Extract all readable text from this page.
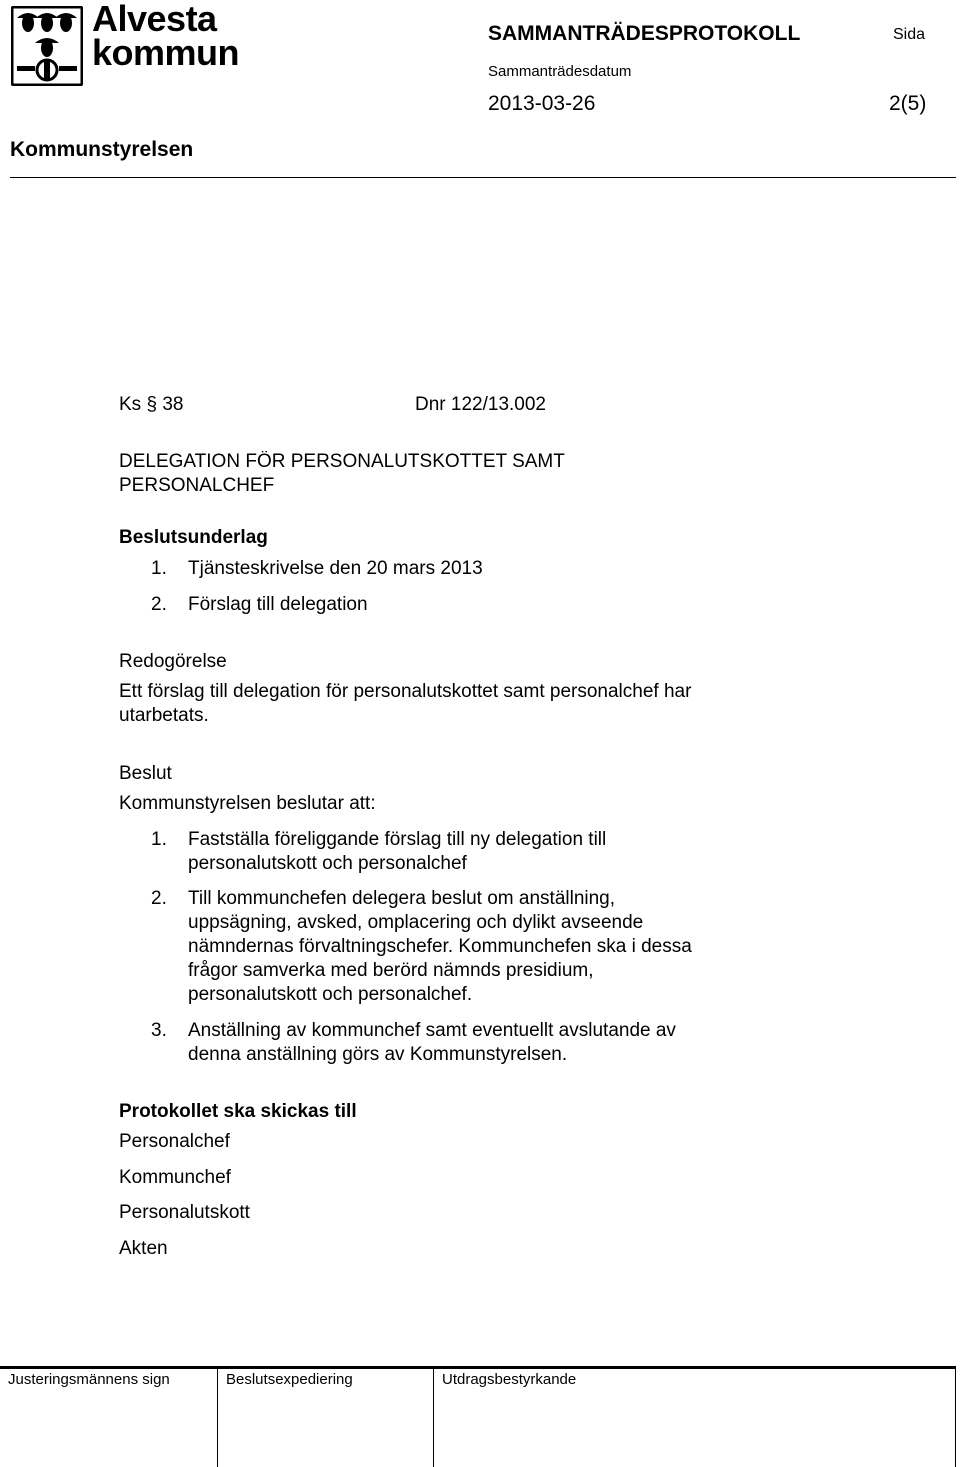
Alvesta
kommun	SAMMANTRÄDESPROTOKOLL	Sida
Sammanträdesdatum
2013-03-26	2(5)
Kommunstyrelsen
Ks § 38	Dnr 122/13.002
DELEGATION FÖR PERSONALUTSKOTTET SAMT
PERSONALCHEF
Beslutsunderlag
1. Tjänsteskrivelse den 20 mars 2013
2. Förslag till delegation
Redogörelse
Ett förslag till delegation för personalutskottet samt personalchef har
utarbetats.
Beslut
Kommunstyrelsen beslutar att:
1. Fastställa föreliggande förslag till ny delegation till
personalutskott och personalchef
2. Till kommunchefen delegera beslut om anställning,
uppsägning, avsked, omplacering och dylikt avseende
nämndernas förvaltningschefer. Kommunchefen ska i dessa
frågor samverka med berörd nämnds presidium,
personalutskott och personalchef.
3. Anställning av kommunchef samt eventuellt avslutande av
denna anställning görs av Kommunstyrelsen.
Protokollet ska skickas till
Personalchef
Kommunchef
Personalutskott
Akten
Justeringsmännens sign	Beslutsexpediering	Utdragsbestyrkande
